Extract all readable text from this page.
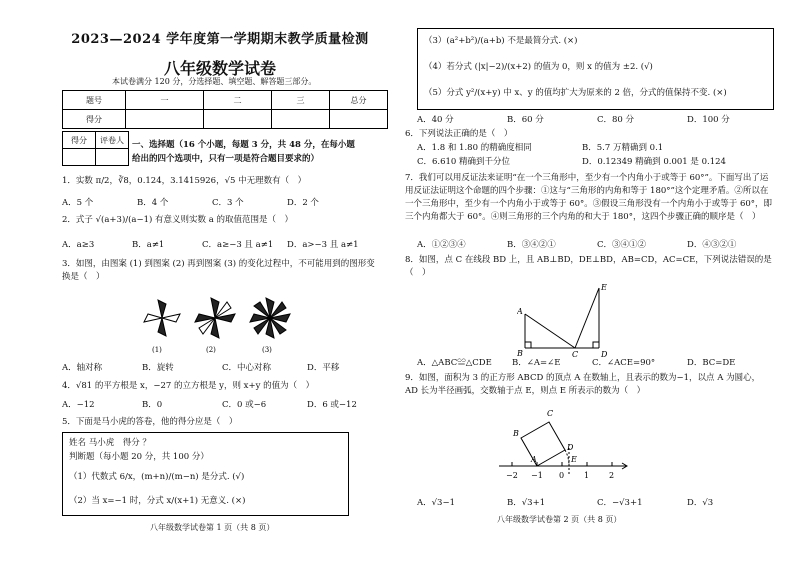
2023—2024 学年度第一学期期末教学质量检测
八年级数学试卷
本试卷满分 120 分，分选择题、填空题、解答题三部分。
题号	一	二	三	总分
得分				
得分	评卷人
	一、选择题（16 个小题，每题 3 分，共 48 分，在每小题给出的四个选项中，只有一项是符合题目要求的）
1．实数 π/2，∛8，0.124，3.1415926，√5 中无理数有（　）
A．5 个	B．4 个	C．3 个	D．2 个
2．式子 √(a+3)/(a−1) 有意义则实数 a 的取值范围是（　）
A．a≥3	B．a≠1	C．a≥−3 且 a≠1	D．a>−3 且 a≠1
3．如图，由图案 (1) 到图案 (2) 再到图案 (3) 的变化过程中，不可能用到的图形变换是（　）
(1)	(2)	(3)
A．轴对称	B．旋转	C．中心对称	D．平移
4．√81 的平方根是 x，−27 的立方根是 y，则 x+y 的值为（　）
A．−12	B．0	C．0 或−6	D．6 或−12
5．下面是马小虎的答卷，他的得分应是（　）
姓名 马小虎　得分 ？
判断题（每小题 20 分，共 100 分）
（1）代数式 6/x，(m+n)/(m−n) 是分式. (√)
（2）当 x=−1 时，分式 x/(x+1) 无意义. (×)
八年级数学试卷第 1 页（共 8 页）
（3）(a²+b²)/(a+b) 不是最简分式. (×)
（4）若分式 (|x|−2)/(x+2) 的值为 0，则 x 的值为 ±2. (√)
（5）分式 y²/(x+y) 中 x、y 的值均扩大为原来的 2 倍，分式的值保持不变. (×)
A．40 分	B．60 分	C．80 分	D．100 分
6．下列说法正确的是（　）
A．1.8 和 1.80 的精确度相同	B．5.7 万精确到 0.1
C．6.610 精确到千分位	D．0.12349 精确到 0.001 是 0.124
7．我们可以用反证法来证明“在一个三角形中，至少有一个内角小于或等于 60°”。下面写出了运用反证法证明这个命题的四个步骤：①这与“三角形的内角和等于 180°”这个定理矛盾。②所以在一个三角形中，至少有一个内角小于或等于 60°。③假设三角形没有一个内角小于或等于 60°，即三个内角都大于 60°。④则三角形的三个内角的和大于 180°，这四个步骤正确的顺序是（　）
A．①②③④	B．③④②①	C．③④①②	D．④③②①
8．如图，点 C 在线段 BD 上，且 AB⊥BD，DE⊥BD，AB=CD，AC=CE，下列说法错误的是（　）
A
B	C	D
E
A．△ABC≌△CDE	B．∠A=∠E	C．∠ACE=90°	D．BC=DE
9．如图，面积为 3 的正方形 ABCD 的顶点 A 在数轴上，且表示的数为−1，以点 A 为圆心，AD 长为半径画弧，交数轴于点 E，则点 E 所表示的数为（　）
A
B
C
D
E
−2 −1 0 1 2
A．√3−1	B．√3+1	C．−√3+1	D．√3
八年级数学试卷第 2 页（共 8 页）
